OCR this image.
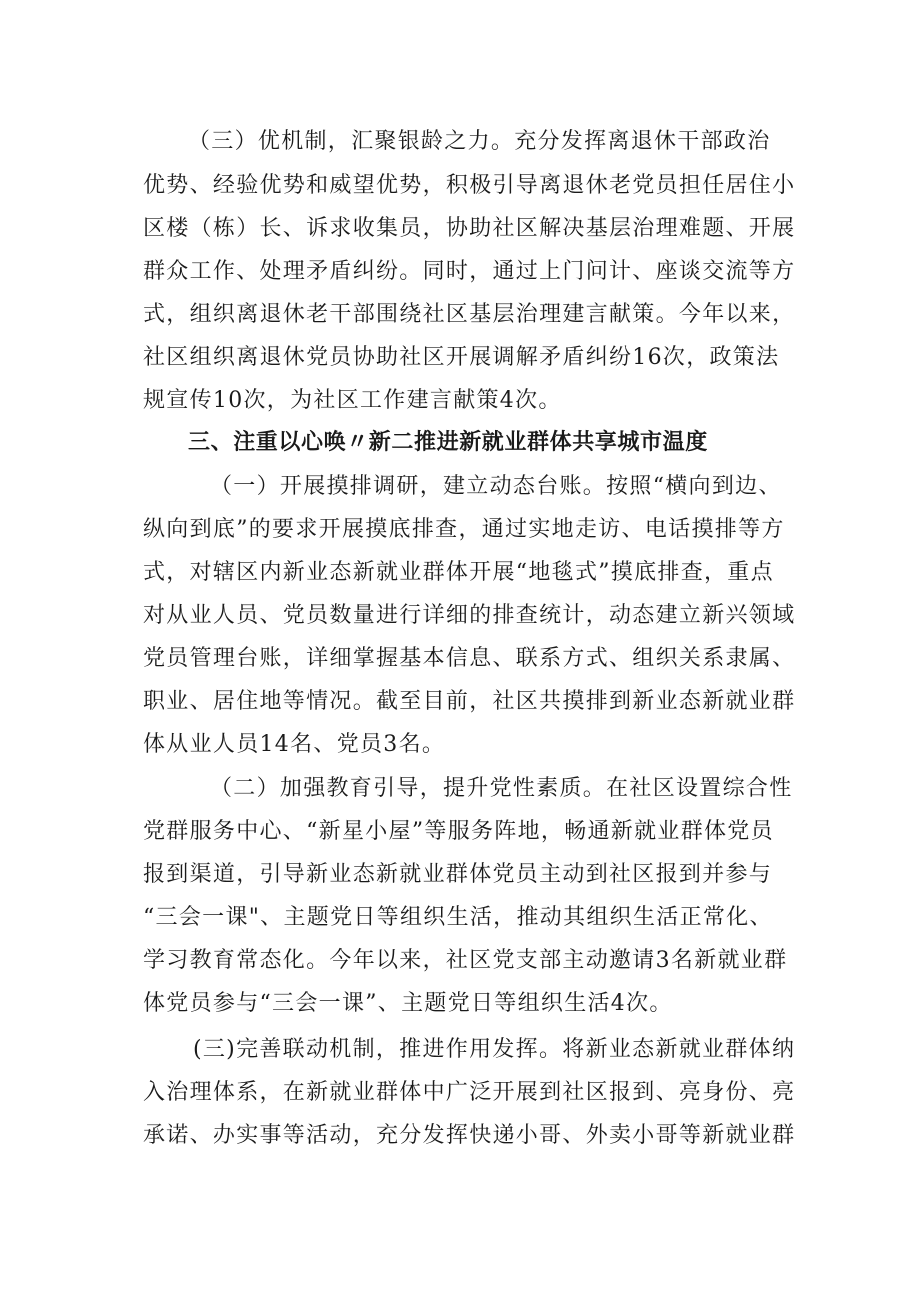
（三）优机制，汇聚银龄之力。充分发挥离退休干部政治
优势、经验优势和威望优势，积极引导离退休老党员担任居住小
区楼（栋）长、诉求收集员，协助社区解决基层治理难题、开展
群众工作、处理矛盾纠纷。同时，通过上门问计、座谈交流等方
式，组织离退休老干部围绕社区基层治理建言献策。今年以来，
社区组织离退休党员协助社区开展调解矛盾纠纷16次，政策法
规宣传10次，为社区工作建言献策4次。
三、注重以心唤〃新二推进新就业群体共享城市温度
（一）开展摸排调研，建立动态台账。按照“横向到边、
纵向到底”的要求开展摸底排查，通过实地走访、电话摸排等方
式，对辖区内新业态新就业群体开展“地毯式”摸底排查，重点
对从业人员、党员数量进行详细的排查统计，动态建立新兴领域
党员管理台账，详细掌握基本信息、联系方式、组织关系隶属、
职业、居住地等情况。截至目前，社区共摸排到新业态新就业群
体从业人员14名、党员3名。
（二）加强教育引导，提升党性素质。在社区设置综合性
党群服务中心、“新星小屋”等服务阵地，畅通新就业群体党员
报到渠道，引导新业态新就业群体党员主动到社区报到并参与
“三会一课"、主题党日等组织生活，推动其组织生活正常化、
学习教育常态化。今年以来，社区党支部主动邀请3名新就业群
体党员参与“三会一课”、主题党日等组织生活4次。
(三)完善联动机制，推进作用发挥。将新业态新就业群体纳
入治理体系，在新就业群体中广泛开展到社区报到、亮身份、亮
承诺、办实事等活动，充分发挥快递小哥、外卖小哥等新就业群
